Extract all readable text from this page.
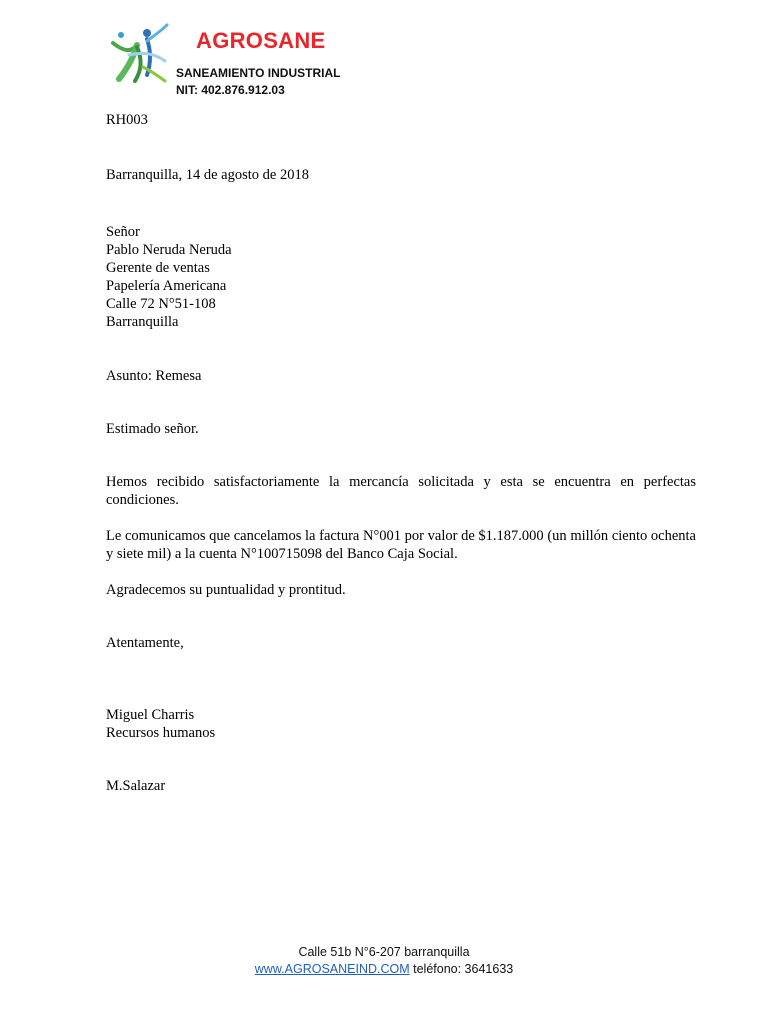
AGROSANE
SANEAMIENTO INDUSTRIAL
NIT: 402.876.912.03
RH003
Barranquilla, 14 de agosto de 2018

Señor

Pablo Neruda Neruda

Gerente de ventas

Papelería Americana

Calle 72 N°51-108

Barranquilla

Asunto: Remesa
Estimado señor.
Hemos recibido satisfactoriamente la mercancía solicitada y esta se encuentra en perfectas condiciones.
Le comunicamos que cancelamos la factura N°001 por valor de $1.187.000 (un millón ciento ochenta y siete mil) a la cuenta N°100715098 del Banco Caja Social.
Agradecemos su puntualidad y prontitud.
Atentamente,

Miguel Charris

Recursos humanos

M.Salazar
Calle 51b N°6-207 barranquilla
www.AGROSANEIND.COM teléfono: 3641633
